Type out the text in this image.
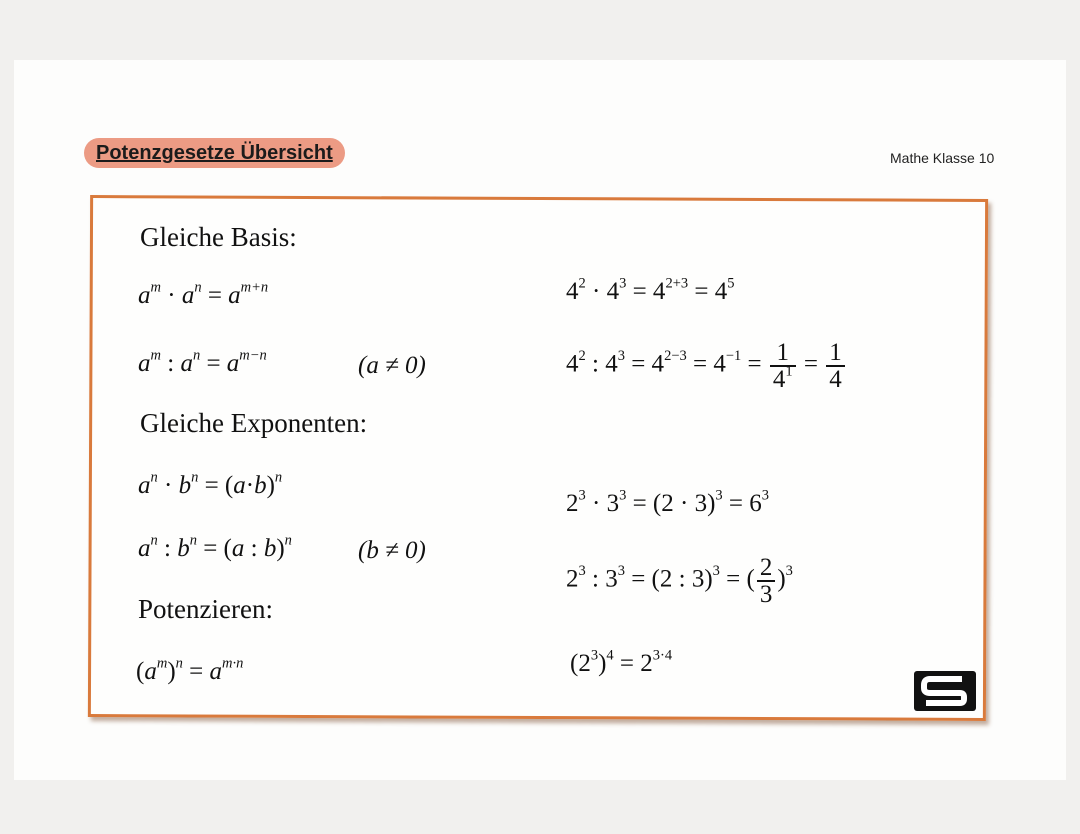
Potenzgesetze Übersicht	Mathe Klasse 10
Gleiche Basis:
Gleiche Exponenten:
Potenzieren:
$a^m \cdot a^n = a^{m+n}$
$a^m$ : $a^n = a^{m-n}$	(a ≠ 0)
$a^n \cdot b^n = (a\cdot b)^n$
$a^n$ : $b^n = (a$ : b)$^n$	(b ≠ 0)
$(a^m)^n = a^{m\cdot n}$
$4^2 \cdot 4^3 = 4^{2+3} = 4^5$
$4^2$ : $4^3 = 4^{2-3} = 4^{-1} = \frac{1}{4^1} = \frac{1}{4}$
$2^3 \cdot 3^3 = (2 \cdot 3)^3 = 6^3$
$2^3$ : $3^3 = (2$ : 3)$^3$ = ( $\frac{2}{3} )^3$
$(2^3)^4 = 2^{3\cdot 4}$
